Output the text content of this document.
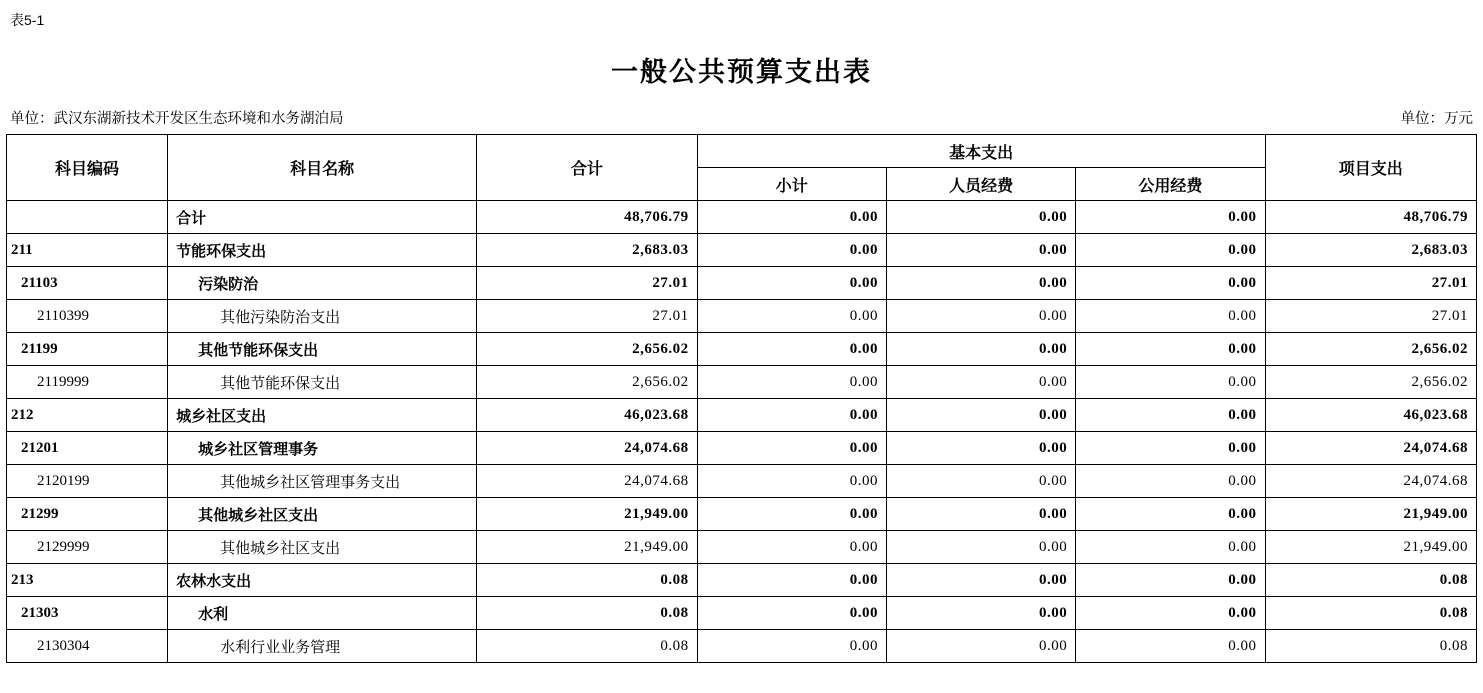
表5-1
一般公共预算支出表
单位：武汉东湖新技术开发区生态环境和水务湖泊局	单位：万元
科目编码	科目名称	合计	基本支出			项目支出
			小计	人员经费	公用经费	
	合计	48,706.79	0.00	0.00	0.00	48,706.79
211	节能环保支出	2,683.03	0.00	0.00	0.00	2,683.03
21103	污染防治	27.01	0.00	0.00	0.00	27.01
2110399	其他污染防治支出	27.01	0.00	0.00	0.00	27.01
21199	其他节能环保支出	2,656.02	0.00	0.00	0.00	2,656.02
2119999	其他节能环保支出	2,656.02	0.00	0.00	0.00	2,656.02
212	城乡社区支出	46,023.68	0.00	0.00	0.00	46,023.68
21201	城乡社区管理事务	24,074.68	0.00	0.00	0.00	24,074.68
2120199	其他城乡社区管理事务支出	24,074.68	0.00	0.00	0.00	24,074.68
21299	其他城乡社区支出	21,949.00	0.00	0.00	0.00	21,949.00
2129999	其他城乡社区支出	21,949.00	0.00	0.00	0.00	21,949.00
213	农林水支出	0.08	0.00	0.00	0.00	0.08
21303	水利	0.08	0.00	0.00	0.00	0.08
2130304	水利行业业务管理	0.08	0.00	0.00	0.00	0.08
